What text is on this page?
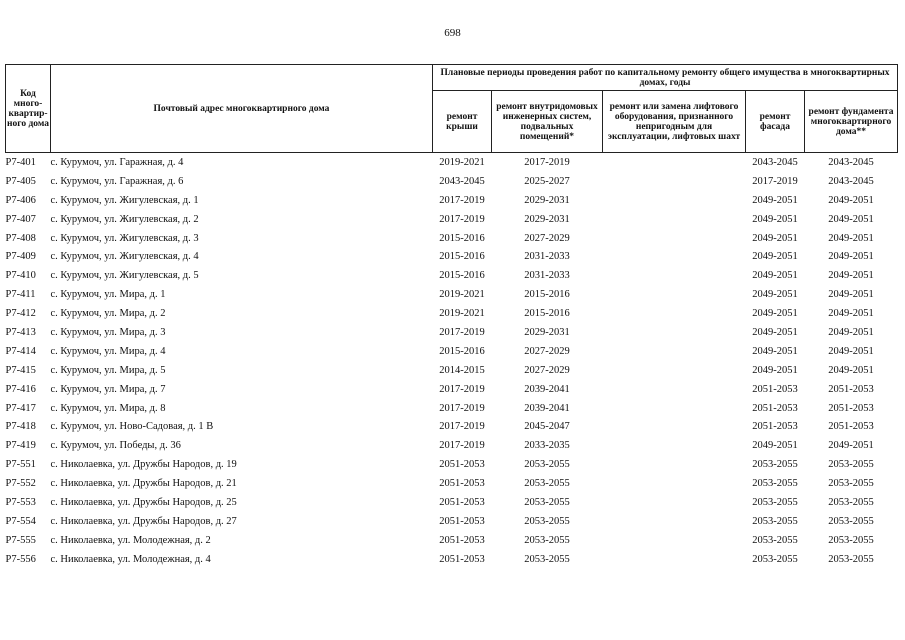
698
Код много-квартир-ного дома	Почтовый адрес многоквартирного дома	Плановые периоды проведения работ по капитальному ремонту общего имущества в многоквартирных домах, годы				
		ремонт крыши	ремонт внутридомовых инженерных систем, подвальных помещений*	ремонт или замена лифтового оборудования, признанного непригодным для эксплуатации, лифтовых шахт	ремонт фасада	ремонт фундамента многоквартирного дома**
Р7-401	с. Курумоч, ул. Гаражная, д. 4	2019-2021	2017-2019		2043-2045	2043-2045
Р7-405	с. Курумоч, ул. Гаражная, д. 6	2043-2045	2025-2027		2017-2019	2043-2045
Р7-406	с. Курумоч, ул. Жигулевская, д. 1	2017-2019	2029-2031		2049-2051	2049-2051
Р7-407	с. Курумоч, ул. Жигулевская, д. 2	2017-2019	2029-2031		2049-2051	2049-2051
Р7-408	с. Курумоч, ул. Жигулевская, д. 3	2015-2016	2027-2029		2049-2051	2049-2051
Р7-409	с. Курумоч, ул. Жигулевская, д. 4	2015-2016	2031-2033		2049-2051	2049-2051
Р7-410	с. Курумоч, ул. Жигулевская, д. 5	2015-2016	2031-2033		2049-2051	2049-2051
Р7-411	с. Курумоч, ул. Мира, д. 1	2019-2021	2015-2016		2049-2051	2049-2051
Р7-412	с. Курумоч, ул. Мира, д. 2	2019-2021	2015-2016		2049-2051	2049-2051
Р7-413	с. Курумоч, ул. Мира, д. 3	2017-2019	2029-2031		2049-2051	2049-2051
Р7-414	с. Курумоч, ул. Мира, д. 4	2015-2016	2027-2029		2049-2051	2049-2051
Р7-415	с. Курумоч, ул. Мира, д. 5	2014-2015	2027-2029		2049-2051	2049-2051
Р7-416	с. Курумоч, ул. Мира, д. 7	2017-2019	2039-2041		2051-2053	2051-2053
Р7-417	с. Курумоч, ул. Мира, д. 8	2017-2019	2039-2041		2051-2053	2051-2053
Р7-418	с. Курумоч, ул. Ново-Садовая, д. 1 В	2017-2019	2045-2047		2051-2053	2051-2053
Р7-419	с. Курумоч, ул. Победы, д. 36	2017-2019	2033-2035		2049-2051	2049-2051
Р7-551	с. Николаевка, ул. Дружбы Народов, д. 19	2051-2053	2053-2055		2053-2055	2053-2055
Р7-552	с. Николаевка, ул. Дружбы Народов, д. 21	2051-2053	2053-2055		2053-2055	2053-2055
Р7-553	с. Николаевка, ул. Дружбы Народов, д. 25	2051-2053	2053-2055		2053-2055	2053-2055
Р7-554	с. Николаевка, ул. Дружбы Народов, д. 27	2051-2053	2053-2055		2053-2055	2053-2055
Р7-555	с. Николаевка, ул. Молодежная, д. 2	2051-2053	2053-2055		2053-2055	2053-2055
Р7-556	с. Николаевка, ул. Молодежная, д. 4	2051-2053	2053-2055		2053-2055	2053-2055
